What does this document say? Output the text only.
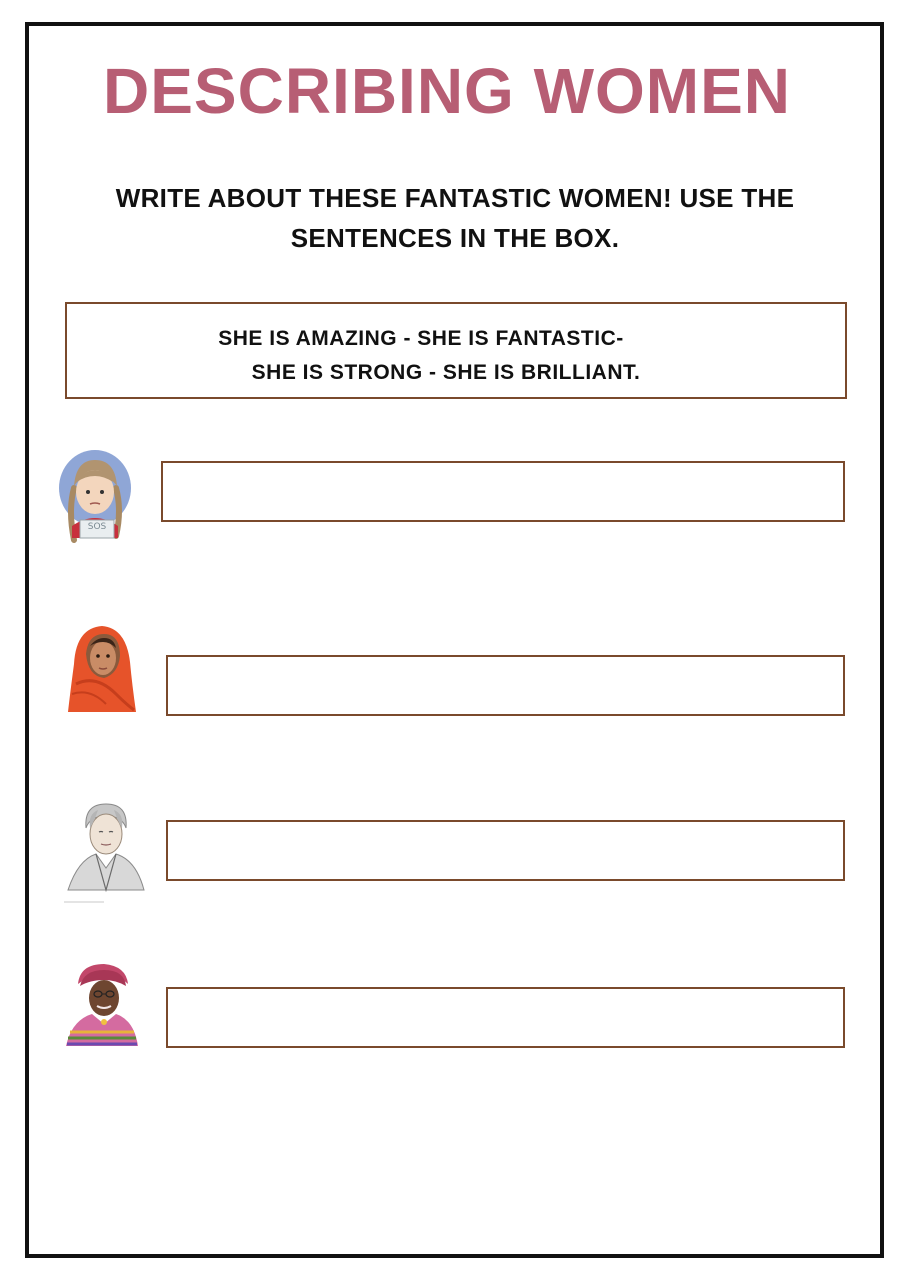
DESCRIBING WOMEN

WRITE ABOUT THESE FANTASTIC WOMEN! USE THE SENTENCES IN THE BOX.

SHE IS AMAZING - SHE IS FANTASTIC-
SHE IS STRONG - SHE IS BRILLIANT.
SOS
